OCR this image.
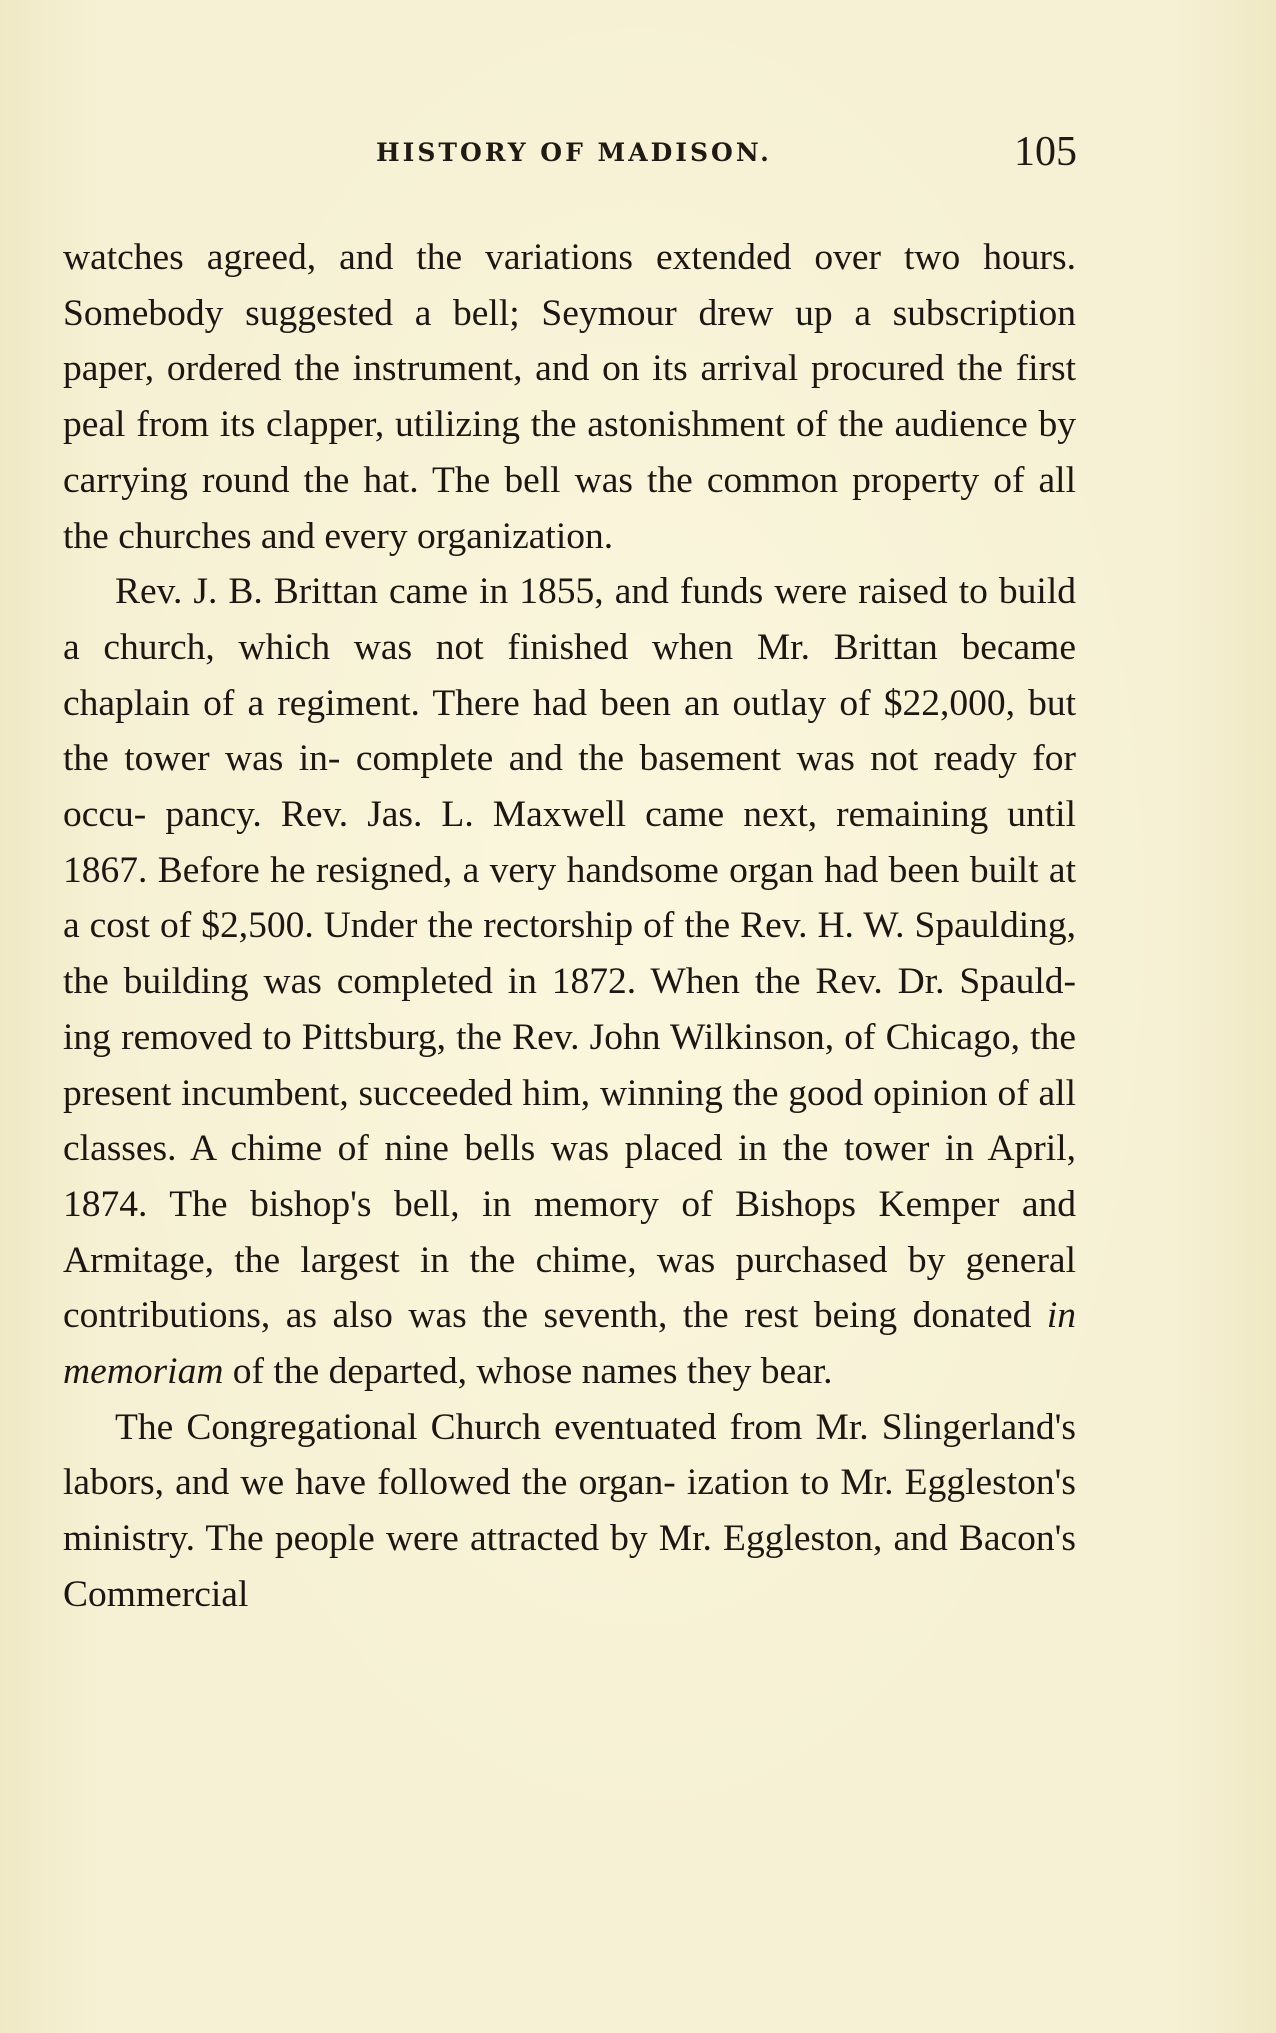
HISTORY OF MADISON.	105

watches agreed, and the variations extended over two hours. Somebody suggested a bell; Seymour drew up a subscription paper, ordered the instrument, and on its arrival procured the first peal from its clapper, utilizing the astonishment of the audience by carrying round the hat. The bell was the common property of all the churches and every organization.

Rev. J. B. Brittan came in 1855, and funds were raised to build a church, which was not finished when Mr. Brittan became chaplain of a regiment. There had been an outlay of $22,000, but the tower was in- complete and the basement was not ready for occu- pancy. Rev. Jas. L. Maxwell came next, remaining until 1867. Before he resigned, a very handsome organ had been built at a cost of $2,500. Under the rectorship of the Rev. H. W. Spaulding, the building was completed in 1872. When the Rev. Dr. Spauld- ing removed to Pittsburg, the Rev. John Wilkinson, of Chicago, the present incumbent, succeeded him, winning the good opinion of all classes. A chime of nine bells was placed in the tower in April, 1874. The bishop's bell, in memory of Bishops Kemper and Armitage, the largest in the chime, was purchased by general contributions, as also was the seventh, the rest being donated in memoriam of the departed, whose names they bear.

The Congregational Church eventuated from Mr. Slingerland's labors, and we have followed the organ- ization to Mr. Eggleston's ministry. The people were attracted by Mr. Eggleston, and Bacon's Commercial
